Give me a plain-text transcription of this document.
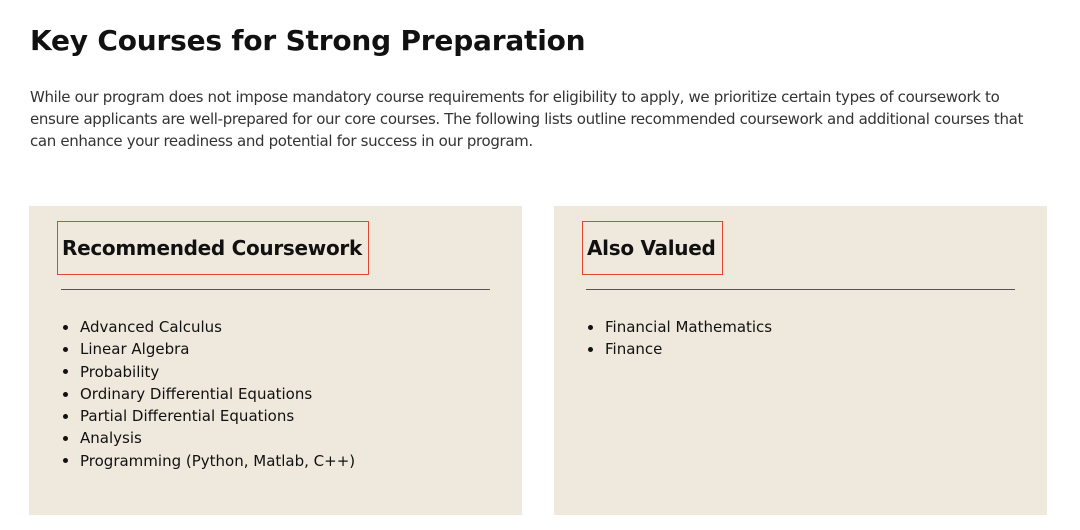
Key Courses for Strong Preparation

While our program does not impose mandatory course requirements for eligibility to apply, we prioritize certain types of coursework to ensure applicants are well-prepared for our core courses. The following lists outline recommended coursework and additional courses that can enhance your readiness and potential for success in our program.

Recommended Coursework
Advanced Calculus
Linear Algebra
Probability
Ordinary Differential Equations
Partial Differential Equations
Analysis
Programming (Python, Matlab, C++)
Also Valued
Financial Mathematics
Finance
